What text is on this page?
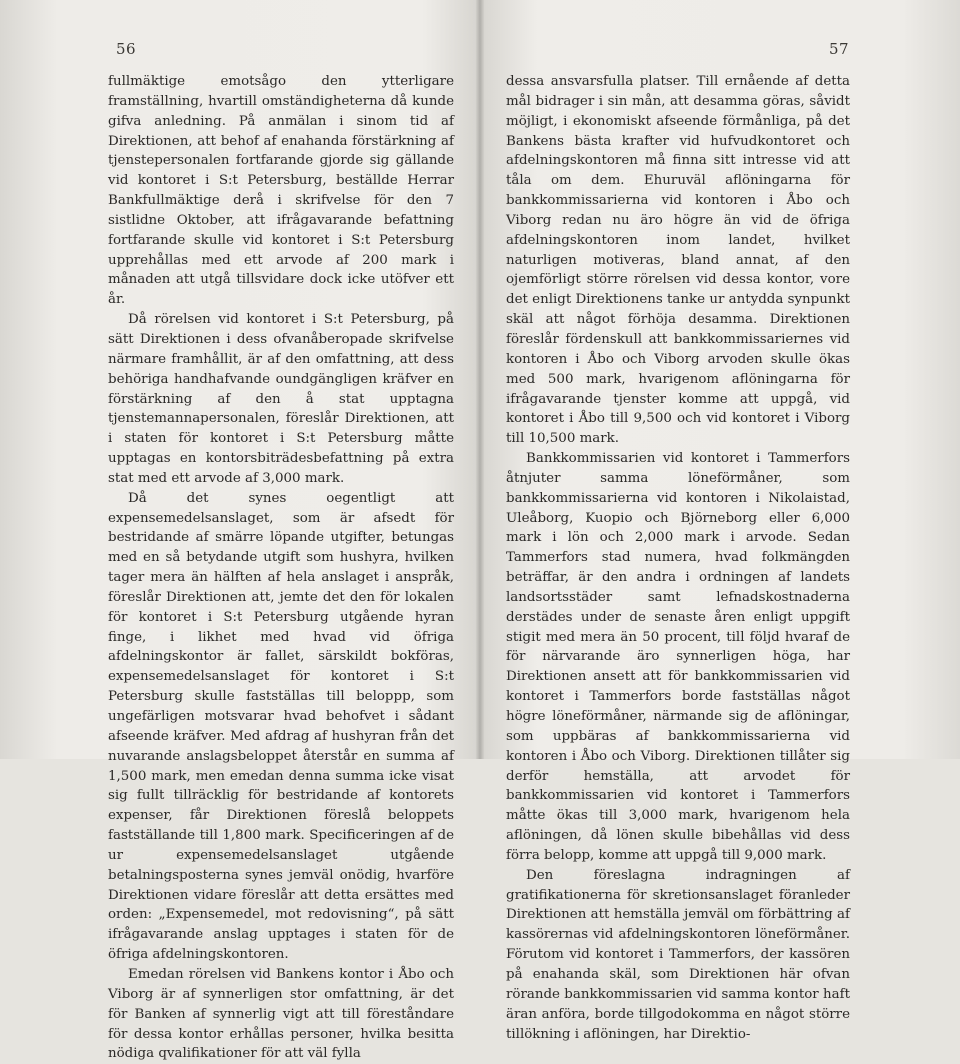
56

fullmäktige emotsågo den ytterligare framställning, hvartill omständigheterna då kunde gifva anledning. På anmälan i sinom tid af Direktionen, att behof af enahanda förstärkning af tjenstepersonalen fortfarande gjorde sig gällande vid kontoret i S:t Petersburg, beställde Herrar Bankfullmäktige derå i skrifvelse för den 7 sistlidne Oktober, att ifrågavarande befattning fortfarande skulle vid kontoret i S:t Petersburg upprehållas med ett arvode af 200 mark i månaden att utgå tillsvidare dock icke utöfver ett år.

Då rörelsen vid kontoret i S:t Petersburg, på sätt Direktionen i dess ofvanåberopade skrifvelse närmare framhållit, är af den omfattning, att dess behöriga handhafvande oundgängligen kräfver en förstärkning af den å stat upptagna tjenstemannapersonalen, föreslår Direktionen, att i staten för kontoret i S:t Petersburg måtte upptagas en kontorsbiträdesbefattning på extra stat med ett arvode af 3,000 mark.

Då det synes oegentligt att expensemedelsanslaget, som är afsedt för bestridande af smärre löpande utgifter, betungas med en så betydande utgift som hushyra, hvilken tager mera än hälften af hela anslaget i anspråk, föreslår Direktionen att, jemte det den för lokalen för kontoret i S:t Petersburg utgående hyran finge, i likhet med hvad vid öfriga afdelningskontor är fallet, särskildt bokföras, expensemedelsanslaget för kontoret i S:t Petersburg skulle fastställas till beloppp, som ungefärligen motsvarar hvad behofvet i sådant afseende kräfver. Med afdrag af hushyran från det nuvarande anslagsbeloppet återstår en summa af 1,500 mark, men emedan denna summa icke visat sig fullt tillräcklig för bestridande af kontorets expenser, får Direktionen föreslå beloppets fastställande till 1,800 mark. Specificeringen af de ur expensemedelsanslaget utgående betalningsposterna synes jemväl onödig, hvarföre Direktionen vidare föreslår att detta ersättes med orden: „Expensemedel, mot redovisning“, på sätt ifrågavarande anslag upptages i staten för de öfriga afdelningskontoren.

Emedan rörelsen vid Bankens kontor i Åbo och Viborg är af synnerligen stor omfattning, är det för Banken af synnerlig vigt att till föreståndare för dessa kontor erhållas personer, hvilka besitta nödiga qvalifikationer för att väl fylla

57

dessa ansvarsfulla platser. Till ernående af detta mål bidrager i sin mån, att desamma göras, såvidt möjligt, i ekonomiskt afseende förmånliga, på det Bankens bästa krafter vid hufvudkontoret och afdelningskontoren må finna sitt intresse vid att tåla om dem. Ehuruväl aflöningarna för bankkommissarierna vid kontoren i Åbo och Viborg redan nu äro högre än vid de öfriga afdelningskontoren inom landet, hvilket naturligen motiveras, bland annat, af den ojemförligt större rörelsen vid dessa kontor, vore det enligt Direktionens tanke ur antydda synpunkt skäl att något förhöja desamma. Direktionen föreslår fördenskull att bankkommissariernes vid kontoren i Åbo och Viborg arvoden skulle ökas med 500 mark, hvarigenom aflöningarna för ifrågavarande tjenster komme att uppgå, vid kontoret i Åbo till 9,500 och vid kontoret i Viborg till 10,500 mark.

Bankkommissarien vid kontoret i Tammerfors åtnjuter samma löneförmåner, som bankkommissarierna vid kontoren i Nikolaistad, Uleåborg, Kuopio och Björneborg eller 6,000 mark i lön och 2,000 mark i arvode. Sedan Tammerfors stad numera, hvad folkmängden beträffar, är den andra i ordningen af landets landsortsstäder samt lefnadskostnaderna derstädes under de senaste åren enligt uppgift stigit med mera än 50 procent, till följd hvaraf de för närvarande äro synnerligen höga, har Direktionen ansett att för bankkommissarien vid kontoret i Tammerfors borde fastställas något högre löneförmåner, närmande sig de aflöningar, som uppbäras af bankkommissarierna vid kontoren i Åbo och Viborg. Direktionen tillåter sig derför hemställa, att arvodet för bankkommissarien vid kontoret i Tammerfors måtte ökas till 3,000 mark, hvarigenom hela aflöningen, då lönen skulle bibehållas vid dess förra belopp, komme att uppgå till 9,000 mark.

Den föreslagna indragningen af gratifikationerna för skretionsanslaget föranleder Direktionen att hemställa jemväl om förbättring af kassörernas vid afdelningskontoren löneförmåner. Förutom vid kontoret i Tammerfors, der kassören på enahanda skäl, som Direktionen här ofvan rörande bankkommissarien vid samma kontor haft äran anföra, borde tillgodokomma en något större tillökning i aflöningen, har Direktio-
